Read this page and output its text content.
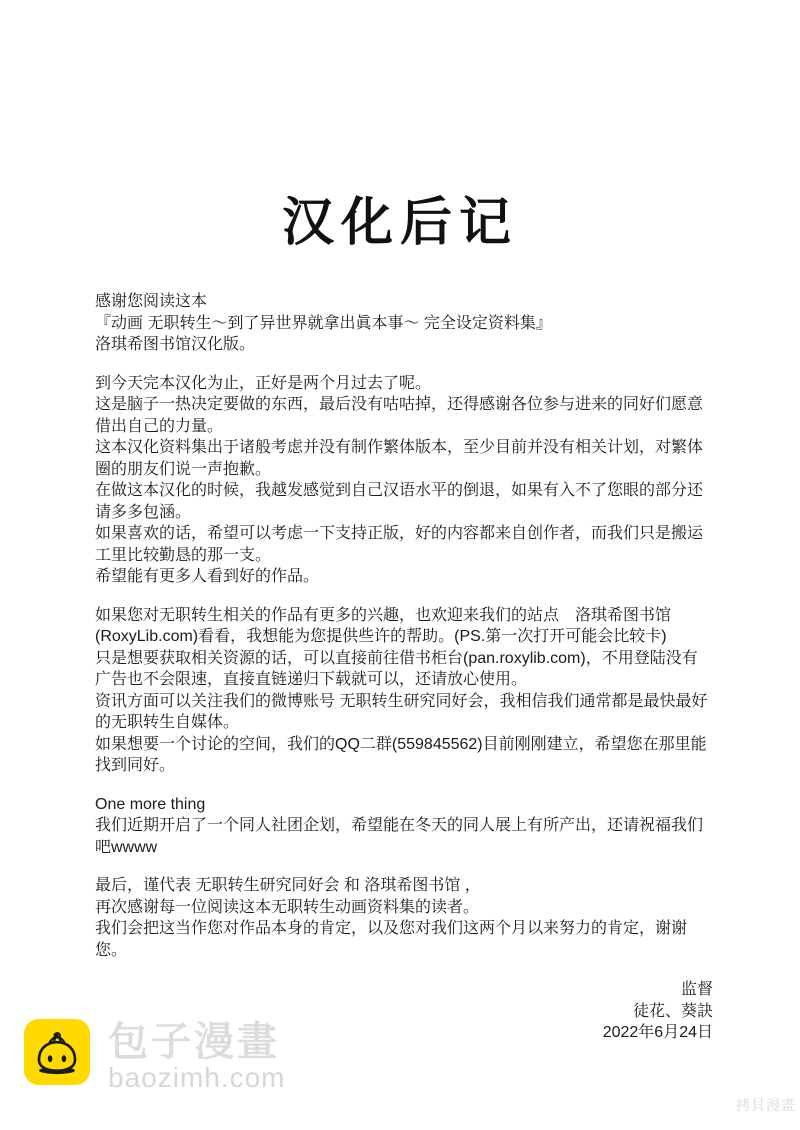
汉化后记

感谢您阅读这本
『动画 无职转生～到了异世界就拿出眞本事～ 完全设定资料集』
洛琪希图书馆汉化版。

到今天完本汉化为止，正好是两个月过去了呢。
这是脑子一热决定要做的东西，最后没有咕咕掉，还得感谢各位参与进来的同好们愿意借出自己的力量。
这本汉化资料集出于诸般考虑并没有制作繁体版本，至少目前并没有相关计划，对繁体圈的朋友们说一声抱歉。
在做这本汉化的时候，我越发感觉到自己汉语水平的倒退，如果有入不了您眼的部分还请多多包涵。
如果喜欢的话，希望可以考虑一下支持正版，好的内容都来自创作者，而我们只是搬运工里比较勤恳的那一支。
希望能有更多人看到好的作品。

如果您对无职转生相关的作品有更多的兴趣，也欢迎来我们的站点　洛琪希图书馆(RoxyLib.com)看看，我想能为您提供些许的帮助。(PS.第一次打开可能会比较卡)
只是想要获取相关资源的话，可以直接前往借书柜台(pan.roxylib.com)，不用登陆没有广告也不会限速，直接直链递归下载就可以，还请放心使用。
资讯方面可以关注我们的微博账号 无职转生研究同好会，我相信我们通常都是最快最好的无职转生自媒体。
如果想要一个讨论的空间，我们的QQ二群(559845562)目前刚刚建立，希望您在那里能找到同好。

One more thing
我们近期开启了一个同人社团企划，希望能在冬天的同人展上有所产出，还请祝福我们吧wwww

最后，谨代表 无职转生研究同好会 和 洛琪希图书馆 ，
再次感谢每一位阅读这本无职转生动画资料集的读者。
我们会把这当作您对作品本身的肯定，以及您对我们这两个月以来努力的肯定，谢谢您。

监督
徒花、葵訣
2022年6月24日
包子漫畫
baozimh.com
拷貝漫畫
